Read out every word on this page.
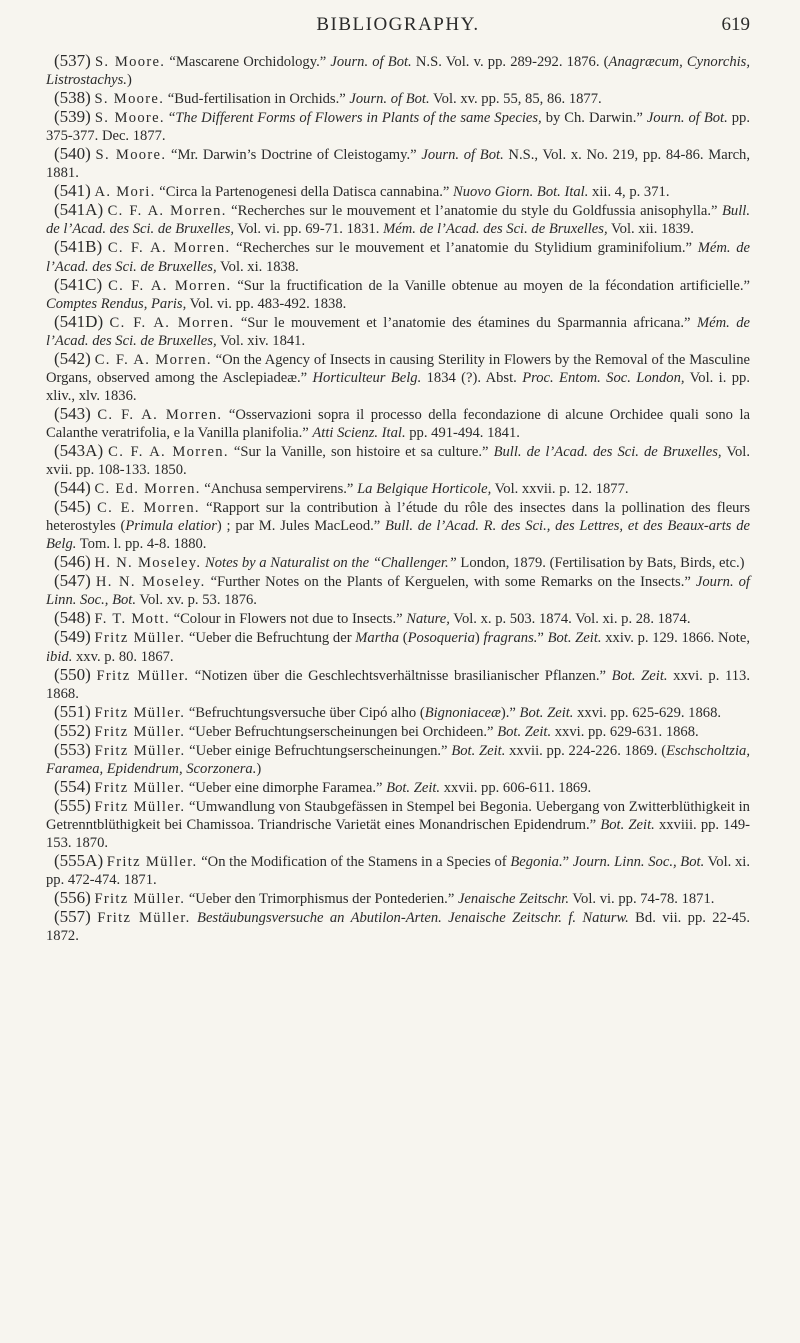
BIBLIOGRAPHY.	619

(537) S. Moore. “Mascarene Orchidology.” Journ. of Bot. N.S. Vol. v. pp. 289-292. 1876. (Anagræcum, Cynorchis, Listrostachys.)

(538) S. Moore. “Bud-fertilisation in Orchids.” Journ. of Bot. Vol. xv. pp. 55, 85, 86. 1877.

(539) S. Moore. “The Different Forms of Flowers in Plants of the same Species, by Ch. Darwin.” Journ. of Bot. pp. 375-377. Dec. 1877.

(540) S. Moore. “Mr. Darwin’s Doctrine of Cleistogamy.” Journ. of Bot. N.S., Vol. x. No. 219, pp. 84-86. March, 1881.

(541) A. Mori. “Circa la Partenogenesi della Datisca cannabina.” Nuovo Giorn. Bot. Ital. xii. 4, p. 371.

(541A) C. F. A. Morren. “Recherches sur le mouvement et l’anatomie du style du Goldfussia anisophylla.” Bull. de l’Acad. des Sci. de Bruxelles, Vol. vi. pp. 69-71. 1831. Mém. de l’Acad. des Sci. de Bruxelles, Vol. xii. 1839.

(541B) C. F. A. Morren. “Recherches sur le mouvement et l’anatomie du Stylidium graminifolium.” Mém. de l’Acad. des Sci. de Bruxelles, Vol. xi. 1838.

(541C) C. F. A. Morren. “Sur la fructification de la Vanille obtenue au moyen de la fécondation artificielle.” Comptes Rendus, Paris, Vol. vi. pp. 483-492. 1838.

(541D) C. F. A. Morren. “Sur le mouvement et l’anatomie des étamines du Sparmannia africana.” Mém. de l’Acad. des Sci. de Bruxelles, Vol. xiv. 1841.

(542) C. F. A. Morren. “On the Agency of Insects in causing Sterility in Flowers by the Removal of the Masculine Organs, observed among the Asclepiadeæ.” Horticulteur Belg. 1834 (?). Abst. Proc. Entom. Soc. London, Vol. i. pp. xliv., xlv. 1836.

(543) C. F. A. Morren. “Osservazioni sopra il processo della fecondazione di alcune Orchidee quali sono la Calanthe veratrifolia, e la Vanilla planifolia.” Atti Scienz. Ital. pp. 491-494. 1841.

(543A) C. F. A. Morren. “Sur la Vanille, son histoire et sa culture.” Bull. de l’Acad. des Sci. de Bruxelles, Vol. xvii. pp. 108-133. 1850.

(544) C. Ed. Morren. “Anchusa sempervirens.” La Belgique Horticole, Vol. xxvii. p. 12. 1877.

(545) C. E. Morren. “Rapport sur la contribution à l’étude du rôle des insectes dans la pollination des fleurs heterostyles (Primula elatior) ; par M. Jules MacLeod.” Bull. de l’Acad. R. des Sci., des Lettres, et des Beaux-arts de Belg. Tom. l. pp. 4-8. 1880.

(546) H. N. Moseley. Notes by a Naturalist on the “Challenger.” London, 1879. (Fertilisation by Bats, Birds, etc.)

(547) H. N. Moseley. “Further Notes on the Plants of Kerguelen, with some Remarks on the Insects.” Journ. of Linn. Soc., Bot. Vol. xv. p. 53. 1876.

(548) F. T. Mott. “Colour in Flowers not due to Insects.” Nature, Vol. x. p. 503. 1874. Vol. xi. p. 28. 1874.

(549) Fritz Müller. “Ueber die Befruchtung der Martha (Posoqueria) fragrans.” Bot. Zeit. xxiv. p. 129. 1866. Note, ibid. xxv. p. 80. 1867.

(550) Fritz Müller. “Notizen über die Geschlechtsverhältnisse brasilianischer Pflanzen.” Bot. Zeit. xxvi. p. 113. 1868.

(551) Fritz Müller. “Befruchtungsversuche über Cipó alho (Bignoniaceæ).” Bot. Zeit. xxvi. pp. 625-629. 1868.

(552) Fritz Müller. “Ueber Befruchtungserscheinungen bei Orchideen.” Bot. Zeit. xxvi. pp. 629-631. 1868.

(553) Fritz Müller. “Ueber einige Befruchtungserscheinungen.” Bot. Zeit. xxvii. pp. 224-226. 1869. (Eschscholtzia, Faramea, Epidendrum, Scorzonera.)

(554) Fritz Müller. “Ueber eine dimorphe Faramea.” Bot. Zeit. xxvii. pp. 606-611. 1869.

(555) Fritz Müller. “Umwandlung von Staubgefässen in Stempel bei Begonia. Uebergang von Zwitterblüthigkeit in Getrenntblüthigkeit bei Chamissoa. Triandrische Varietät eines Monandrischen Epidendrum.” Bot. Zeit. xxviii. pp. 149-153. 1870.

(555A) Fritz Müller. “On the Modification of the Stamens in a Species of Begonia.” Journ. Linn. Soc., Bot. Vol. xi. pp. 472-474. 1871.

(556) Fritz Müller. “Ueber den Trimorphismus der Pontederien.” Jenaische Zeitschr. Vol. vi. pp. 74-78. 1871.

(557) Fritz Müller. Bestäubungsversuche an Abutilon-Arten. Jenaische Zeitschr. f. Naturw. Bd. vii. pp. 22-45. 1872.
